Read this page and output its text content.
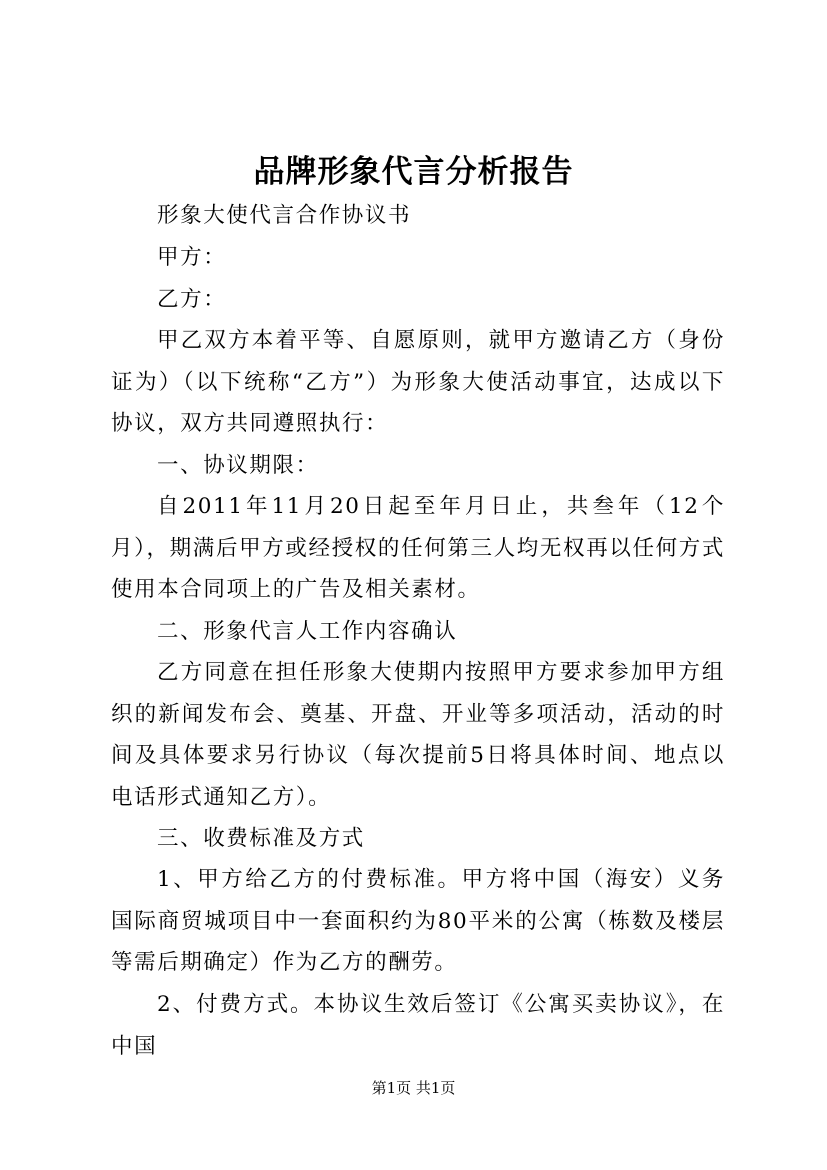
品牌形象代言分析报告
形象大使代言合作协议书
甲方：
乙方：
甲乙双方本着平等、自愿原则，就甲方邀请乙方（身份证为）（以下统称“乙方”）为形象大使活动事宜，达成以下协议，双方共同遵照执行：
一、协议期限：
自2011年11月20日起至年月日止，共叁年（12个月），期满后甲方或经授权的任何第三人均无权再以任何方式使用本合同项上的广告及相关素材。
二、形象代言人工作内容确认
乙方同意在担任形象大使期内按照甲方要求参加甲方组织的新闻发布会、奠基、开盘、开业等多项活动，活动的时间及具体要求另行协议（每次提前5日将具体时间、地点以电话形式通知乙方）。
三、收费标准及方式
1、甲方给乙方的付费标准。甲方将中国（海安）义务国际商贸城项目中一套面积约为80平米的公寓（栋数及楼层等需后期确定）作为乙方的酬劳。
2、付费方式。本协议生效后签订《公寓买卖协议》，在中国
第1页 共1页
